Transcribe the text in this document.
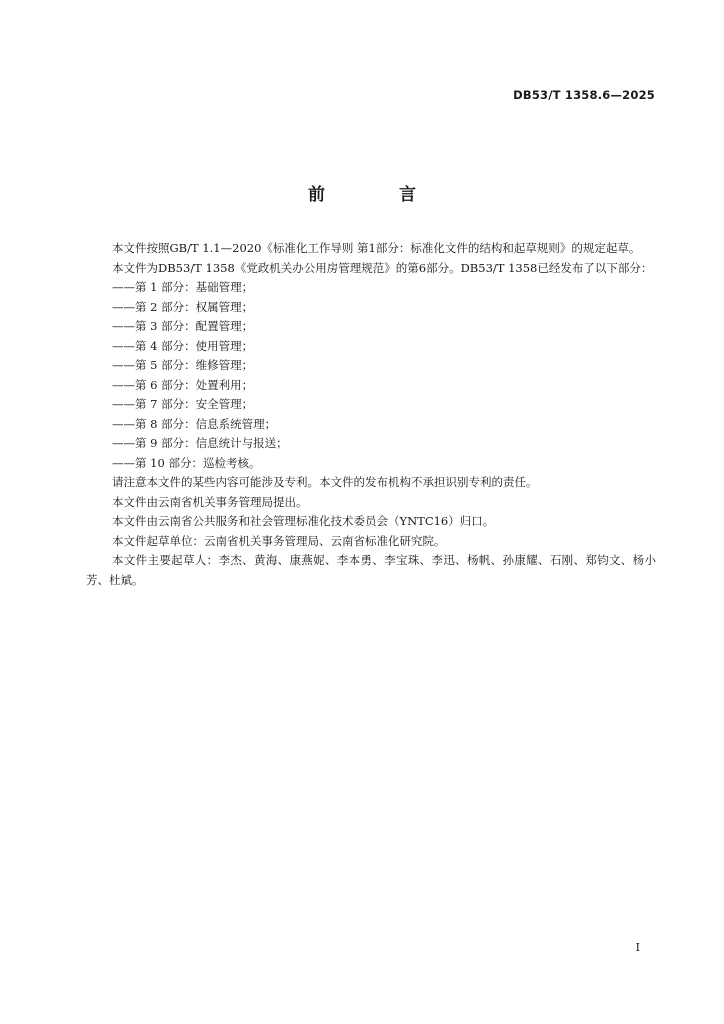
DB53/T 1358.6—2025
前 言

本文件按照GB/T 1.1—2020《标准化工作导则 第1部分：标准化文件的结构和起草规则》的规定起草。

本文件为DB53/T 1358《党政机关办公用房管理规范》的第6部分。DB53/T 1358已经发布了以下部分：

——第 1 部分：基础管理；
——第 2 部分：权属管理；
——第 3 部分：配置管理；
——第 4 部分：使用管理；
——第 5 部分：维修管理；
——第 6 部分：处置利用；
——第 7 部分：安全管理；
——第 8 部分：信息系统管理；
——第 9 部分：信息统计与报送；
——第 10 部分：巡检考核。

请注意本文件的某些内容可能涉及专利。本文件的发布机构不承担识别专利的责任。

本文件由云南省机关事务管理局提出。

本文件由云南省公共服务和社会管理标准化技术委员会（YNTC16）归口。

本文件起草单位：云南省机关事务管理局、云南省标准化研究院。

本文件主要起草人：李杰、黄海、康燕妮、李本勇、李宝珠、李迅、杨帆、孙康耀、石刚、郑钧文、杨小芳、杜斌。

I
